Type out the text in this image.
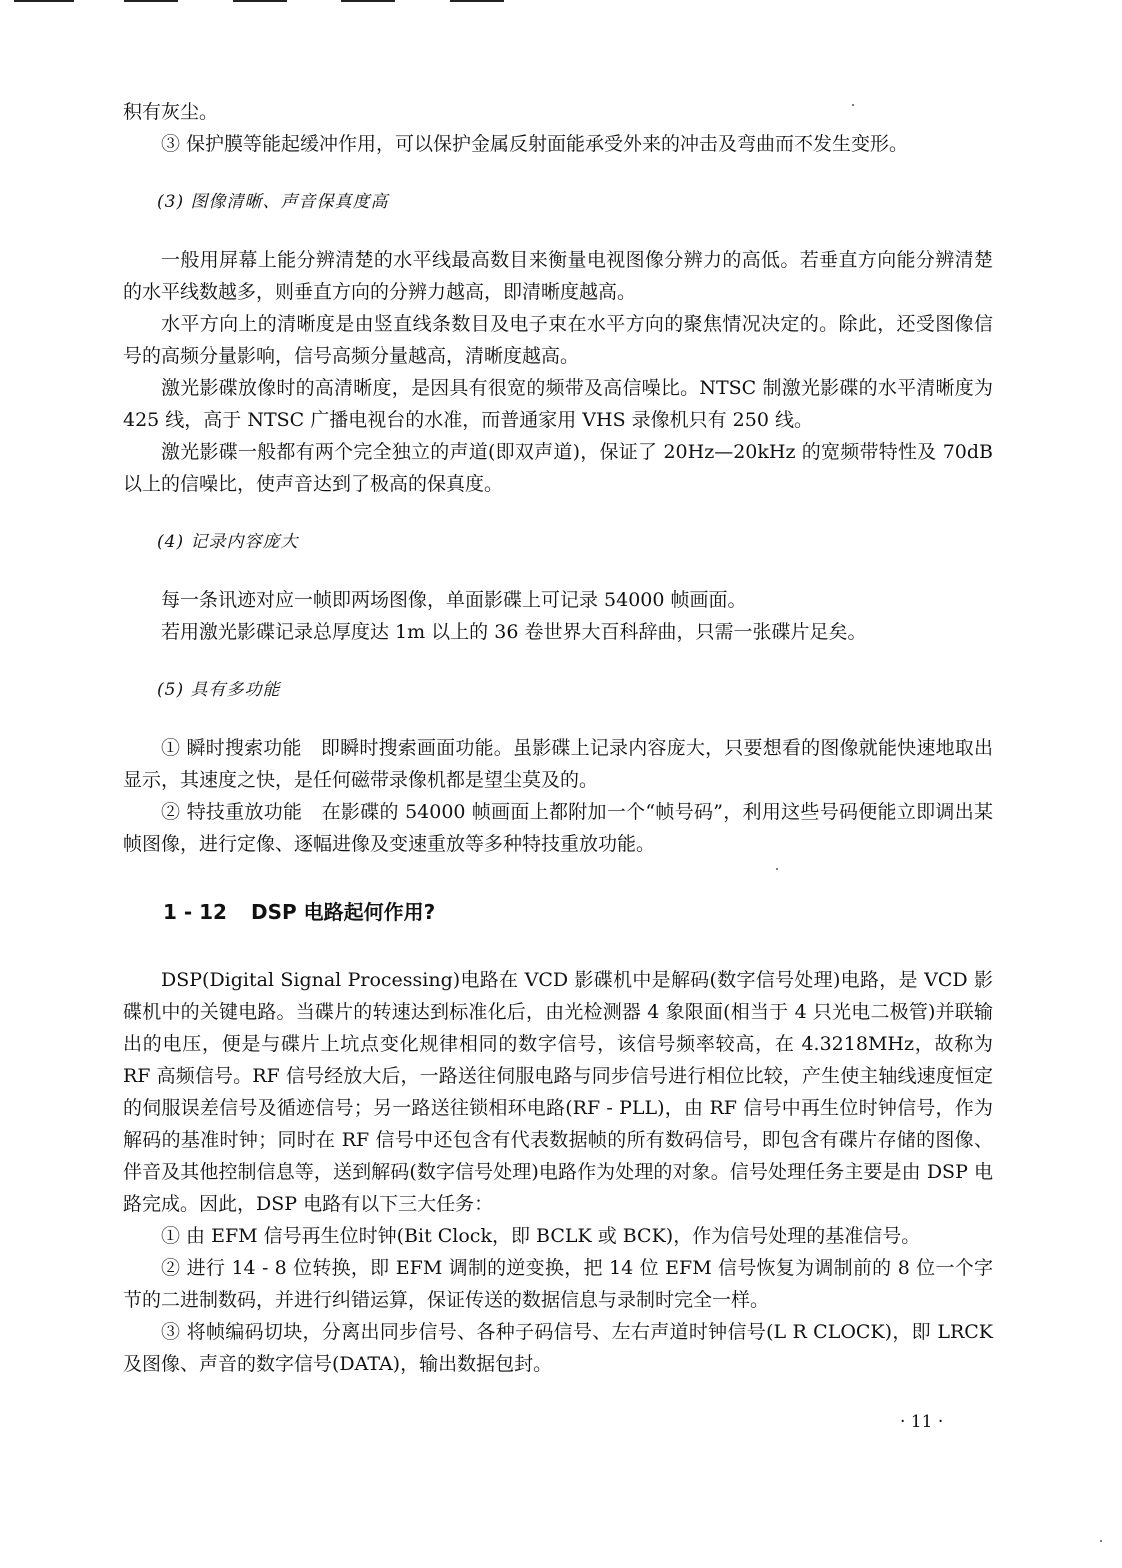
积有灰尘。

③ 保护膜等能起缓冲作用，可以保护金属反射面能承受外来的冲击及弯曲而不发生变形。

(3) 图像清晰、声音保真度高

一般用屏幕上能分辨清楚的水平线最高数目来衡量电视图像分辨力的高低。若垂直方向能分辨清楚的水平线数越多，则垂直方向的分辨力越高，即清晰度越高。

水平方向上的清晰度是由竖直线条数目及电子束在水平方向的聚焦情况决定的。除此，还受图像信号的高频分量影响，信号高频分量越高，清晰度越高。

激光影碟放像时的高清晰度，是因具有很宽的频带及高信噪比。NTSC 制激光影碟的水平清晰度为 425 线，高于 NTSC 广播电视台的水准，而普通家用 VHS 录像机只有 250 线。

激光影碟一般都有两个完全独立的声道(即双声道)，保证了 20Hz—20kHz 的宽频带特性及 70dB 以上的信噪比，使声音达到了极高的保真度。

(4) 记录内容庞大

每一条讯迹对应一帧即两场图像，单面影碟上可记录 54000 帧画面。

若用激光影碟记录总厚度达 1m 以上的 36 卷世界大百科辞曲，只需一张碟片足矣。

(5) 具有多功能

① 瞬时搜索功能　即瞬时搜索画面功能。虽影碟上记录内容庞大，只要想看的图像就能快速地取出显示，其速度之快，是任何磁带录像机都是望尘莫及的。

② 特技重放功能　在影碟的 54000 帧画面上都附加一个“帧号码”，利用这些号码便能立即调出某帧图像，进行定像、逐幅进像及变速重放等多种特技重放功能。

1 - 12 DSP 电路起何作用?

DSP(Digital Signal Processing)电路在 VCD 影碟机中是解码(数字信号处理)电路，是 VCD 影碟机中的关键电路。当碟片的转速达到标准化后，由光检测器 4 象限面(相当于 4 只光电二极管)并联输出的电压，便是与碟片上坑点变化规律相同的数字信号，该信号频率较高，在 4.3218MHz，故称为 RF 高频信号。RF 信号经放大后，一路送往伺服电路与同步信号进行相位比较，产生使主轴线速度恒定的伺服误差信号及循迹信号；另一路送往锁相环电路(RF - PLL)，由 RF 信号中再生位时钟信号，作为解码的基准时钟；同时在 RF 信号中还包含有代表数据帧的所有数码信号，即包含有碟片存储的图像、伴音及其他控制信息等，送到解码(数字信号处理)电路作为处理的对象。信号处理任务主要是由 DSP 电路完成。因此，DSP 电路有以下三大任务：

① 由 EFM 信号再生位时钟(Bit Clock，即 BCLK 或 BCK)，作为信号处理的基准信号。

② 进行 14 - 8 位转换，即 EFM 调制的逆变换，把 14 位 EFM 信号恢复为调制前的 8 位一个字节的二进制数码，并进行纠错运算，保证传送的数据信息与录制时完全一样。

③ 将帧编码切块，分离出同步信号、各种子码信号、左右声道时钟信号(L R CLOCK)，即 LRCK 及图像、声音的数字信号(DATA)，输出数据包封。

· 11 ·
